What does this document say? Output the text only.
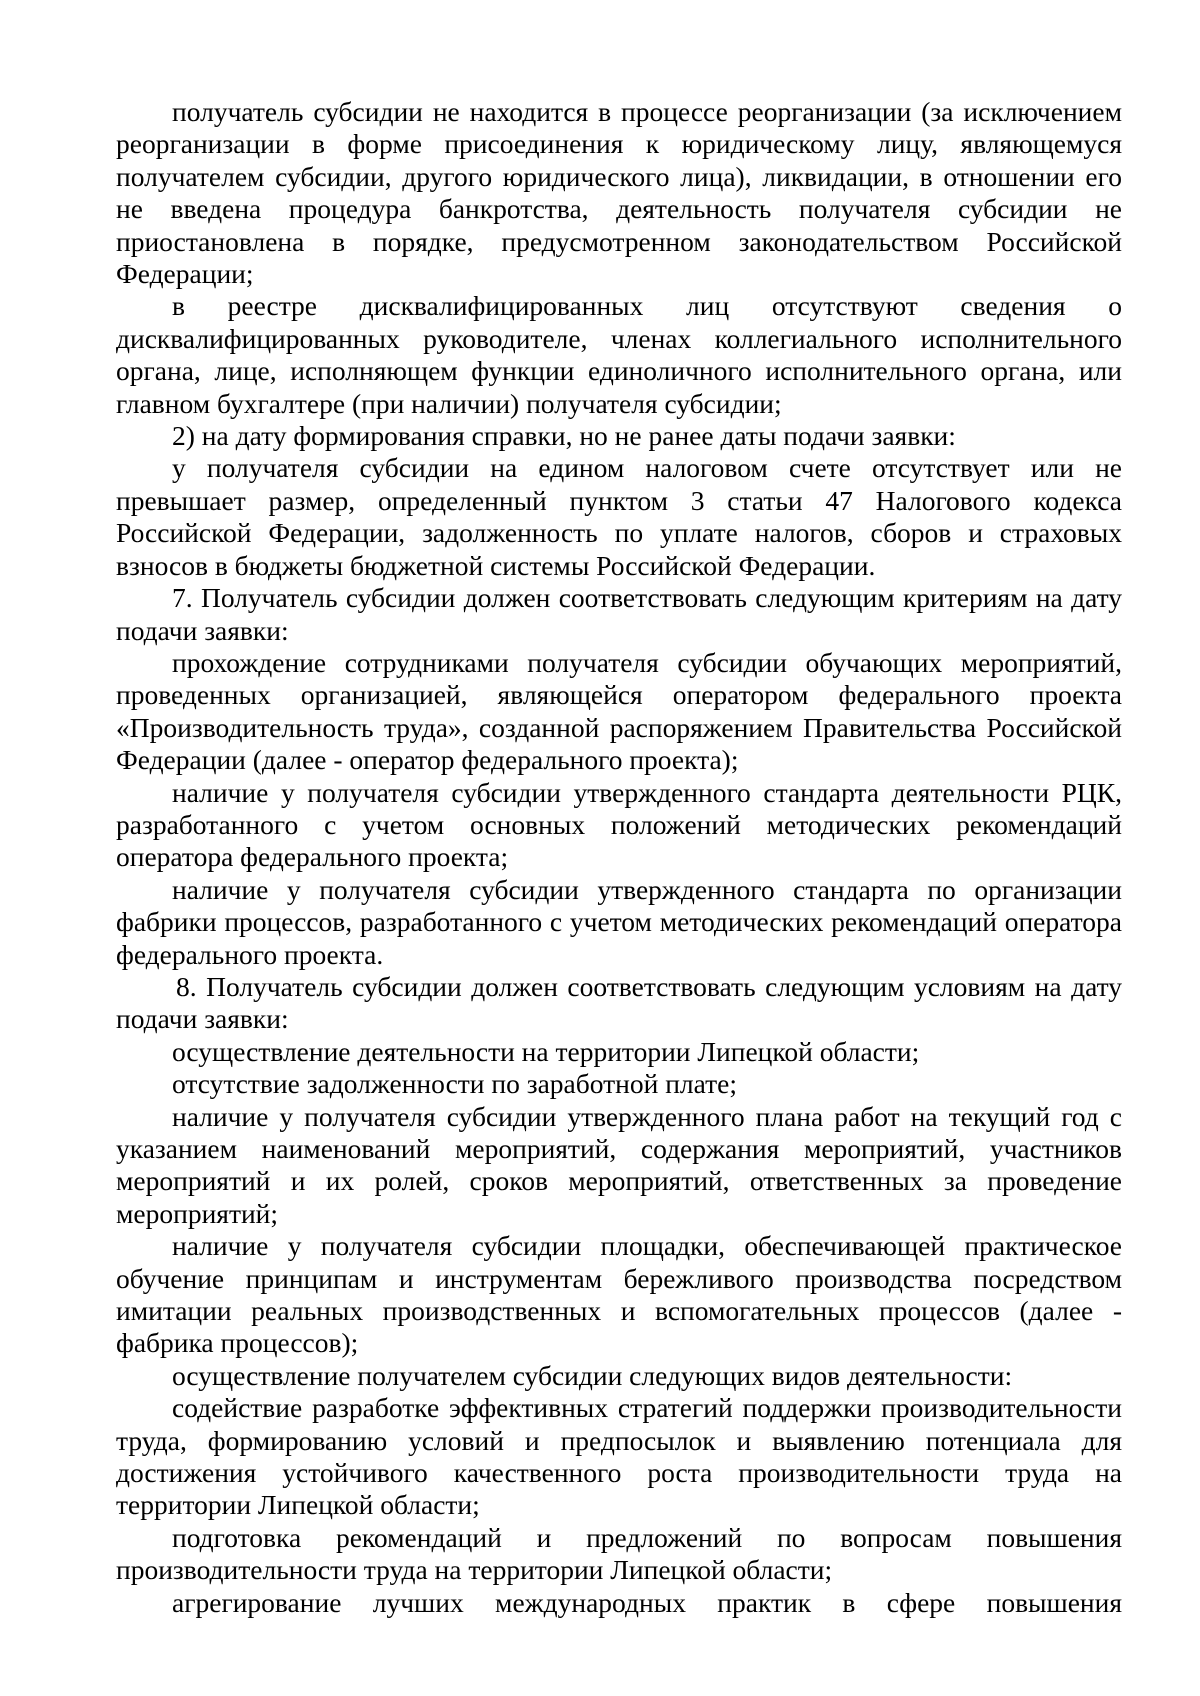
получатель субсидии не находится в процессе реорганизации (за исключением реорганизации в форме присоединения к юридическому лицу, являющемуся получателем субсидии, другого юридического лица), ликвидации, в отношении его не введена процедура банкротства, деятельность получателя субсидии не приостановлена в порядке, предусмотренном законодательством Российской Федерации;

в реестре дисквалифицированных лиц отсутствуют сведения о дисквалифицированных руководителе, членах коллегиального исполнительного органа, лице, исполняющем функции единоличного исполнительного органа, или главном бухгалтере (при наличии) получателя субсидии;

2) на дату формирования справки, но не ранее даты подачи заявки:

у получателя субсидии на едином налоговом счете отсутствует или не превышает размер, определенный пунктом 3 статьи 47 Налогового кодекса Российской Федерации, задолженность по уплате налогов, сборов и страховых взносов в бюджеты бюджетной системы Российской Федерации.

7. Получатель субсидии должен соответствовать следующим критериям на дату подачи заявки:

прохождение сотрудниками получателя субсидии обучающих мероприятий, проведенных организацией, являющейся оператором федерального проекта «Производительность труда», созданной распоряжением Правительства Российской Федерации (далее - оператор федерального проекта);

наличие у получателя субсидии утвержденного стандарта деятельности РЦК, разработанного с учетом основных положений методических рекомендаций оператора федерального проекта;

наличие у получателя субсидии утвержденного стандарта по организации фабрики процессов, разработанного с учетом методических рекомендаций оператора федерального проекта.

8. Получатель субсидии должен соответствовать следующим условиям на дату подачи заявки:

осуществление деятельности на территории Липецкой области;

отсутствие задолженности по заработной плате;

наличие у получателя субсидии утвержденного плана работ на текущий год с указанием наименований мероприятий, содержания мероприятий, участников мероприятий и их ролей, сроков мероприятий, ответственных за проведение мероприятий;

наличие у получателя субсидии площадки, обеспечивающей практическое обучение принципам и инструментам бережливого производства посредством имитации реальных производственных и вспомогательных процессов (далее - фабрика процессов);

осуществление получателем субсидии следующих видов деятельности:

содействие разработке эффективных стратегий поддержки производительности труда, формированию условий и предпосылок и выявлению потенциала для достижения устойчивого качественного роста производительности труда на территории Липецкой области;

подготовка рекомендаций и предложений по вопросам повышения производительности труда на территории Липецкой области;

агрегирование лучших международных практик в сфере повышения
